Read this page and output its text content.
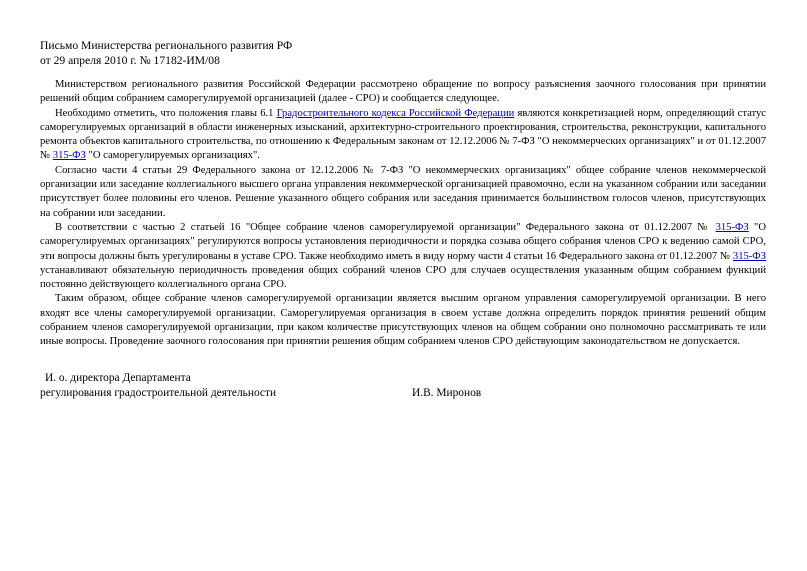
Письмо Министерства регионального развития РФ
от 29 апреля 2010 г. № 17182-ИМ/08

Министерством регионального развития Российской Федерации рассмотрено обращение по вопросу разъяснения заочного голосования при принятии решений общим собранием саморегулируемой организацией (далее - СРО) и сообщается следующее.

Необходимо отметить, что положения главы 6.1 Градостроительного кодекса Российской Федерации являются конкретизацией норм, определяющий статус саморегулируемых организаций в области инженерных изысканий, архитектурно-строительного проектирования, строительства, реконструкции, капитального ремонта объектов капитального строительства, по отношению к Федеральным законам от 12.12.2006 № 7-ФЗ "О некоммерческих организациях" и от 01.12.2007 № 315-ФЗ "О саморегулируемых организациях".

Согласно части 4 статьи 29 Федерального закона от 12.12.2006 № 7-ФЗ "О некоммерческих организациях" общее собрание членов некоммерческой организации или заседание коллегиального высшего органа управления некоммерческой организацией правомочно, если на указанном собрании или заседании присутствует более половины его членов. Решение указанного общего собрания или заседания принимается большинством голосов членов, присутствующих на собрании или заседании.

В соответствии с частью 2 статьей 16 "Общее собрание членов саморегулируемой организации" Федерального закона от 01.12.2007 № 315-ФЗ "О саморегулируемых организациях" регулируются вопросы установления периодичности и порядка созыва общего собрания членов СРО к ведению самой СРО, эти вопросы должны быть урегулированы в уставе СРО. Также необходимо иметь в виду норму части 4 статьи 16 Федерального закона от 01.12.2007 № 315-ФЗ устанавливают обязательную периодичность проведения общих собраний членов СРО для случаев осуществления указанным общим собранием функций постоянно действующего коллегиального органа СРО.

Таким образом, общее собрание членов саморегулируемой организации является высшим органом управления саморегулируемой организации. В него входят все члены саморегулируемой организации. Саморегулируемая организация в своем уставе должна определить порядок принятия решений общим собранием членов саморегулируемой организации, при каком количестве присутствующих членов на общем собрании оно полномочно рассматривать те или иные вопросы. Проведение заочного голосования при принятии решения общим собранием членов СРО действующим законодательством не допускается.

И. о. директора Департамента
регулирования градостроительной деятельности	И.В. Миронов
